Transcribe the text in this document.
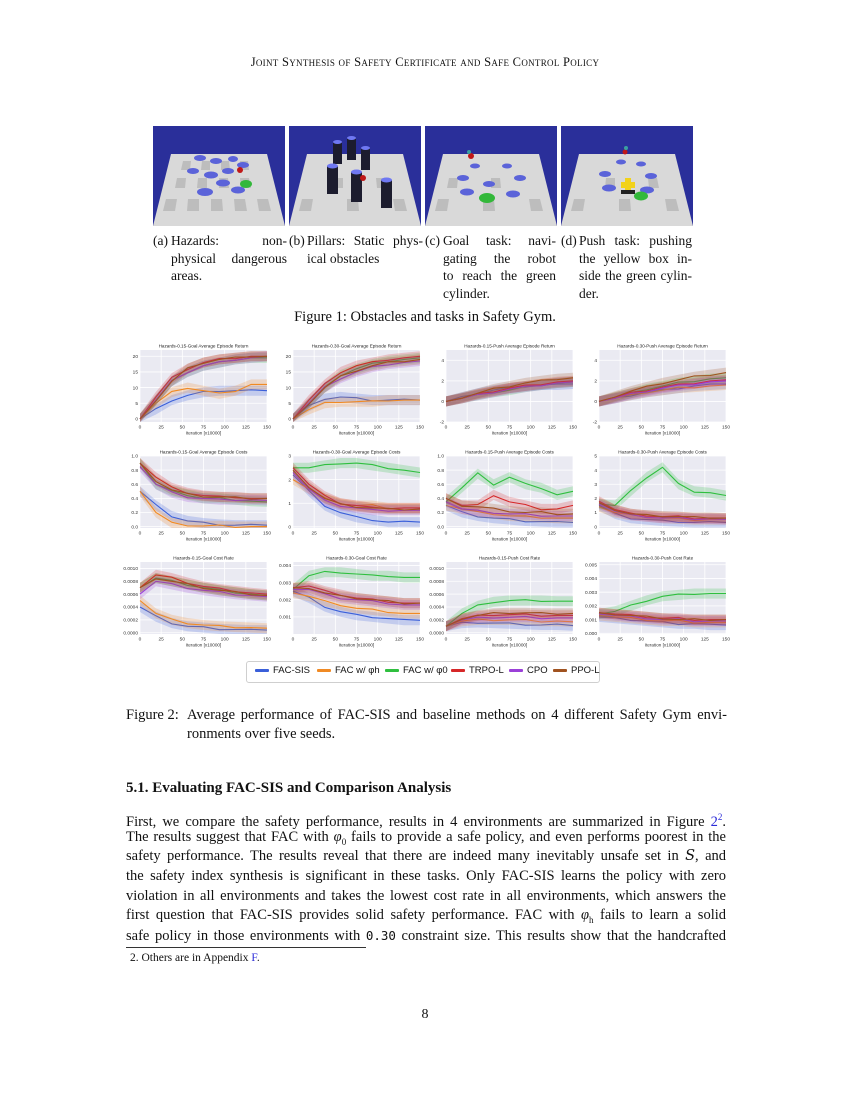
Joint Synthesis of Safety Certificate and Safe Control Policy
(a) Hazards: non-
physical dangerous
areas.
(b) Pillars: Static phys-
ical obstacles
(c) Goal task: navi-
gating the robot
to reach the green
cylinder.
(d) Push task: pushing
the yellow box in-
side the green cylin-
der.
Figure 1: Obstacles and tasks in Safety Gym.
Hazards-0.15-Goal Average Episode Return
0
5
10
15
20
0	25	50	75	100	125	150
Iteration [x10000]
Hazards-0.30-Goal Average Episode Return
0
5
10
15
20
0	25	50	75	100	125	150
Iteration [x10000]
Hazards-0.15-Push Average Episode Return
-2
0
2
4
0	25	50	75	100	125	150
Iteration [x10000]
Hazards-0.30-Push Average Episode Return
-2
0
2
4
0	25	50	75	100	125	150
Iteration [x10000]
Hazards-0.15-Goal Average Episode Costs
0.0
0.2
0.4
0.6
0.8
1.0
0	25	50	75	100	125	150
Iteration [x10000]
Hazards-0.30-Goal Average Episode Costs
0
1
2
3
0	25	50	75	100	125	150
Iteration [x10000]
Hazards-0.15-Push Average Episode Costs
0.0
0.2
0.4
0.6
0.8
1.0
0	25	50	75	100	125	150
Iteration [x10000]
Hazards-0.30-Push Average Episode Costs
0
1
2
3
4
5
0	25	50	75	100	125	150
Iteration [x10000]
Hazards-0.15-Goal Cost Rate
0.0000
0.0002
0.0004
0.0006
0.0008
0.0010
0	25	50	75	100	125	150
Iteration [x10000]
Hazards-0.30-Goal Cost Rate
0.001
0.002
0.003
0.004
0	25	50	75	100	125	150
Iteration [x10000]
Hazards-0.15-Push Cost Rate
0.0000
0.0002
0.0004
0.0006
0.0008
0.0010
0	25	50	75	100	125	150
Iteration [x10000]
Hazards-0.30-Push Cost Rate
0.000
0.001
0.002
0.003
0.004
0.005
0	25	50	75	100	125	150
Iteration [x10000]
FAC-SIS	FAC w/ φh	FAC w/ φ0	TRPO-L	CPO	PPO-L
Figure 2: Average performance of FAC-SIS and baseline methods on 4 different Safety Gym envi-
ronments over five seeds.
5.1. Evaluating FAC-SIS and Comparison Analysis
First, we compare the safety performance, results in 4 environments are summarized in Figure $2^2$.
The results suggest that FAC with $\varphi_0$ fails to provide a safe policy, and even performs poorest in the
safety performance. The results reveal that there are indeed many inevitably unsafe set in S, and
the safety index synthesis is significant in these tasks. Only FAC-SIS learns the policy with zero
violation in all environments and takes the lowest cost rate in all environments, which answers the
first question that FAC-SIS provides solid safety performance. FAC with $\varphi_h$ fails to learn a solid
safe policy in those environments with 0.30 constraint size. This results show that the handcrafted
2. Others are in Appendix F.
8
